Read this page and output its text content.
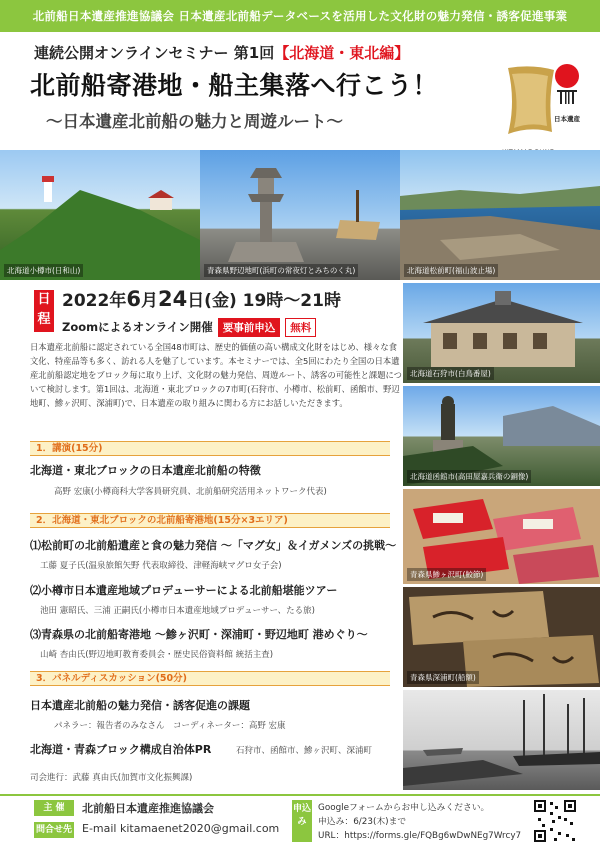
北前船日本遺産推進協議会 日本遺産北前船データベースを活用した文化財の魅力発信・誘客促進事業
連続公開オンラインセミナー 第1回【北海道・東北編】
北前船寄港地・船主集落へ行こう！
～日本遺産北前船の魅力と周遊ルート～	日本遺産
北海道小樽市(日和山)	青森県野辺地町(浜町の常夜灯とみちのく丸)	北海道松前町(福山波止場)
北海道石狩市(白鳥番屋)
北海道函館市(高田屋嘉兵衛の銅像)
青森県鯵ヶ沢町(鮫節)
青森県深浦町(船額)
日程
2022年6月24日(金) 19時～21時
Zoomによるオンライン開催 要事前申込 無料
日本遺産北前船に認定されている全国48市町は、歴史的価値の高い構成文化財をはじめ、様々な食文化、特産品等も多く、訪れる人を魅了しています。本セミナーでは、全5回にわたり全国の日本遺産北前船認定地をブロック毎に取り上げ、文化財の魅力発信、周遊ルート、誘客の可能性と課題について検討します。第1回は、北海道・東北ブロックの7市町(石狩市、小樽市、松前町、函館市、野辺地町、鯵ヶ沢町、深浦町)で、日本遺産の取り組みに関わる方にお話しいただきます。
1．講演(15分)
北海道・東北ブロックの日本遺産北前船の特徴
高野 宏康(小樽商科大学客員研究員、北前船研究活用ネットワーク代表)
2．北海道・東北ブロックの北前船寄港地(15分×3エリア)
⑴松前町の北前船遺産と食の魅力発信 ～「マグ女」＆イガメンズの挑戦～
工藤 夏子氏(温泉旅館矢野 代表取締役、津軽海峡マグロ女子会)
⑵小樽市日本遺産地域プロデューサーによる北前船堪能ツアー
池田 憲昭氏、三浦 正嗣氏(小樽市日本遺産地域プロデューサー、たる旅)
⑶青森県の北前船寄港地 ～鯵ヶ沢町・深浦町・野辺地町 港めぐり～
山崎 杏由氏(野辺地町教育委員会・歴史民俗資料館 統括主査)
3．パネルディスカッション(50分)
日本遺産北前船の魅力発信・誘客促進の課題
パネラー：報告者のみなさん　コーディネーター：高野 宏康
北海道・青森ブロック構成自治体PR	石狩市、函館市、鯵ヶ沢町、深浦町
司会進行：武藤 真由氏(加賀市文化振興課)
主 催	北前船日本遺産推進協議会
問合せ先 E-mail kitamaenet2020@gmail.com
申込み
Googleフォームからお申し込みください。
申込み：6/23(木)まで
URL：https://forms.gle/FQBg6wDwNEg7Wrcy7
